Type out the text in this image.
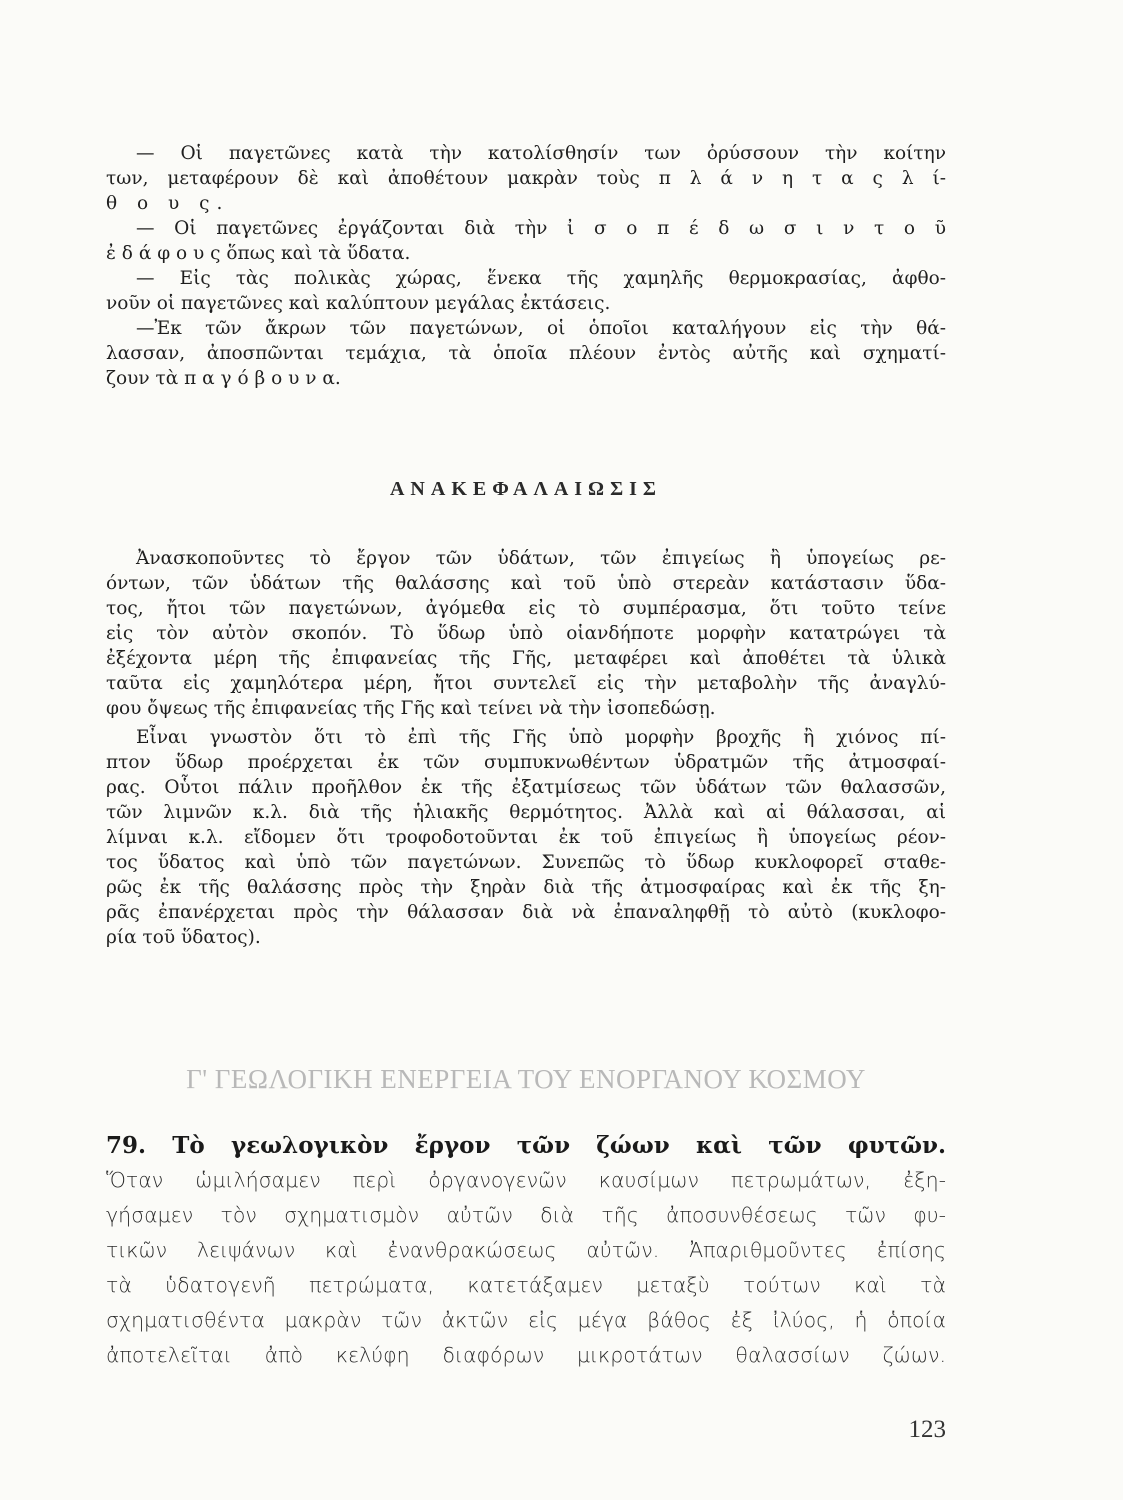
— Οἱ παγετῶνες κατὰ τὴν κατολίσθησίν των ὀρύσσουν τὴν κοίτην
των, μεταφέρουν δὲ καὶ ἀποθέτουν μακρὰν τοὺς π λ ά ν η τ α ς λ ί-
θ ο υ ς.
— Οἱ παγετῶνες ἐργάζονται διὰ τὴν ἰ σ ο π έ δ ω σ ι ν τ ο ῦ
ἐ δ ά φ ο υ ς ὅπως καὶ τὰ ὕδατα.
— Εἰς τὰς πολικὰς χώρας, ἕνεκα τῆς χαμηλῆς θερμοκρασίας, ἀφθο-
νοῦν οἱ παγετῶνες καὶ καλύπτουν μεγάλας ἐκτάσεις.
—Ἐκ τῶν ἄκρων τῶν παγετώνων, οἱ ὁποῖοι καταλήγουν εἰς τὴν θά-
λασσαν, ἀποσπῶνται τεμάχια, τὰ ὁποῖα πλέουν ἐντὸς αὐτῆς καὶ σχηματί-
ζουν τὰ π α γ ό β ο υ ν α.
ΑΝΑΚΕΦΑΛΑΙΩΣΙΣ
Ἀνασκοποῦντες τὸ ἔργον τῶν ὑδάτων, τῶν ἐπιγείως ἢ ὑπογείως ρε-
όντων, τῶν ὑδάτων τῆς θαλάσσης καὶ τοῦ ὑπὸ στερεὰν κατάστασιν ὕδα-
τος, ἤτοι τῶν παγετώνων, ἀγόμεθα εἰς τὸ συμπέρασμα, ὅτι τοῦτο τείνε
εἰς τὸν αὐτὸν σκοπόν. Τὸ ὕδωρ ὑπὸ οἱανδήποτε μορφὴν κατατρώγει τὰ
ἐξέχοντα μέρη τῆς ἐπιφανείας τῆς Γῆς, μεταφέρει καὶ ἀποθέτει τὰ ὑλικὰ
ταῦτα εἰς χαμηλότερα μέρη, ἤτοι συντελεῖ εἰς τὴν μεταβολὴν τῆς ἀναγλύ-
φου ὄψεως τῆς ἐπιφανείας τῆς Γῆς καὶ τείνει νὰ τὴν ἰσοπεδώσῃ.
Εἶναι γνωστὸν ὅτι τὸ ἐπὶ τῆς Γῆς ὑπὸ μορφὴν βροχῆς ἢ χιόνος πί-
πτον ὕδωρ προέρχεται ἐκ τῶν συμπυκνωθέντων ὑδρατμῶν τῆς ἀτμοσφαί-
ρας. Οὗτοι πάλιν προῆλθον ἐκ τῆς ἐξατμίσεως τῶν ὑδάτων τῶν θαλασσῶν,
τῶν λιμνῶν κ.λ. διὰ τῆς ἡλιακῆς θερμότητος. Ἀλλὰ καὶ αἱ θάλασσαι, αἱ
λίμναι κ.λ. εἴδομεν ὅτι τροφοδοτοῦνται ἐκ τοῦ ἐπιγείως ἢ ὑπογείως ρέον-
τος ὕδατος καὶ ὑπὸ τῶν παγετώνων. Συνεπῶς τὸ ὕδωρ κυκλοφορεῖ σταθε-
ρῶς ἐκ τῆς θαλάσσης πρὸς τὴν ξηρὰν διὰ τῆς ἀτμοσφαίρας καὶ ἐκ τῆς ξη-
ρᾶς ἐπανέρχεται πρὸς τὴν θάλασσαν διὰ νὰ ἐπαναληφθῇ τὸ αὐτὸ (κυκλοφο-
ρία τοῦ ὕδατος).
Γ' ΓΕΩΛΟΓΙΚΗ ΕΝΕΡΓΕΙΑ ΤΟΥ ΕΝΟΡΓΑΝΟΥ ΚΟΣΜΟΥ
79. Τὸ γεωλογικὸν ἔργον τῶν ζώων καὶ τῶν φυτῶν.
Ὅταν ὡμιλήσαμεν περὶ ὀργανογενῶν καυσίμων πετρωμάτων, ἐξη-
γήσαμεν τὸν σχηματισμὸν αὐτῶν διὰ τῆς ἀποσυνθέσεως τῶν φυ-
τικῶν λειψάνων καὶ ἐνανθρακώσεως αὐτῶν. Ἀπαριθμοῦντες ἐπίσης
τὰ ὑδατογενῆ πετρώματα, κατετάξαμεν μεταξὺ τούτων καὶ τὰ
σχηματισθέντα μακρὰν τῶν ἀκτῶν εἰς μέγα βάθος ἐξ ἰλύος, ἡ ὁποία
ἀποτελεῖται ἀπὸ κελύφη διαφόρων μικροτάτων θαλασσίων ζώων.
123
